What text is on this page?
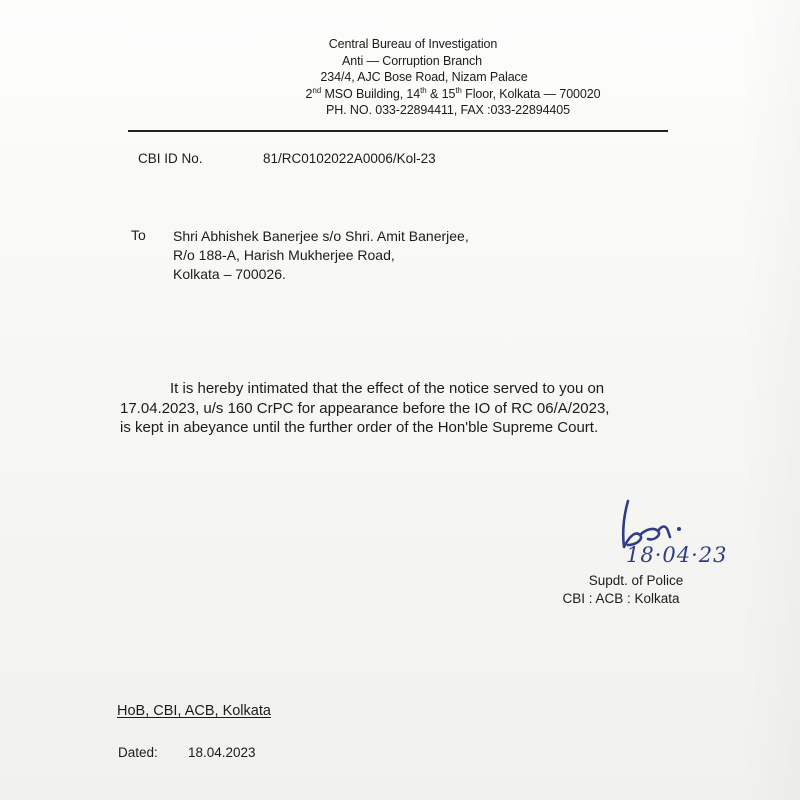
Central Bureau of Investigation
Anti — Corruption Branch
234/4, AJC Bose Road, Nizam Palace
2nd MSO Building, 14th & 15th Floor, Kolkata — 700020
PH. NO. 033-22894411, FAX :033-22894405
CBI ID No.	81/RC0102022A0006/Kol-23
To Shri Abhishek Banerjee s/o Shri. Amit Banerjee,
R/o 188-A, Harish Mukherjee Road,
Kolkata – 700026.
It is hereby intimated that the effect of the notice served to you on
17.04.2023, u/s 160 CrPC for appearance before the IO of RC 06/A/2023,
is kept in abeyance until the further order of the Hon'ble Supreme Court.
18·04·23
Supdt. of Police
CBI : ACB : Kolkata
HoB, CBI, ACB, Kolkata
Dated: 18.04.2023
